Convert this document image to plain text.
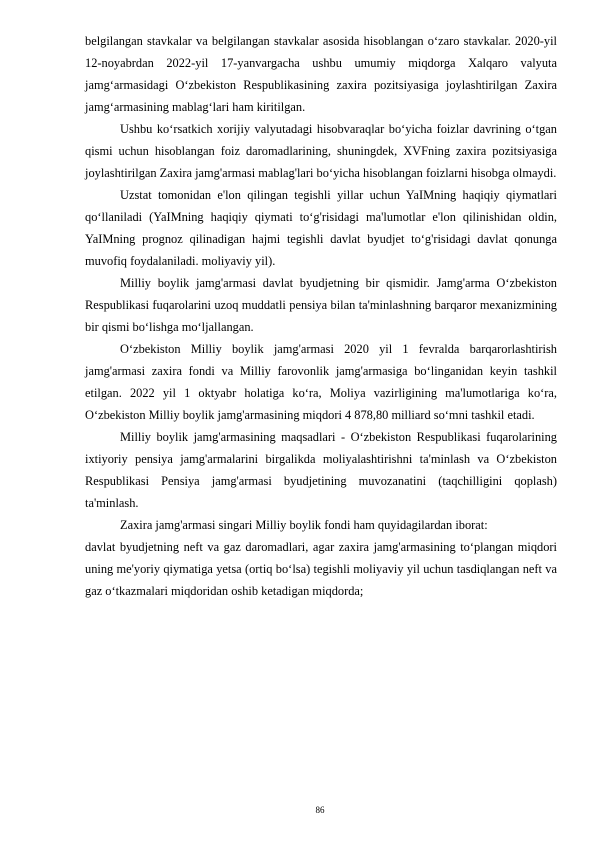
belgilangan stavkalar va belgilangan stavkalar asosida hisoblangan o‘zaro stavkalar. 2020-yil 12-noyabrdan 2022-yil 17-yanvargacha ushbu umumiy miqdorga Xalqaro valyuta jamg‘armasidagi O‘zbekiston Respublikasining zaxira pozitsiyasiga joylashtirilgan Zaxira jamg‘armasining mablag‘lari ham kiritilgan.

Ushbu ko‘rsatkich xorijiy valyutadagi hisobvaraqlar bo‘yicha foizlar davrining o‘tgan qismi uchun hisoblangan foiz daromadlarining, shuningdek, XVFning zaxira pozitsiyasiga joylashtirilgan Zaxira jamg'armasi mablag'lari bo‘yicha hisoblangan foizlarni hisobga olmaydi.

Uzstat tomonidan e'lon qilingan tegishli yillar uchun YaIMning haqiqiy qiymatlari qo‘llaniladi (YaIMning haqiqiy qiymati to‘g'risidagi ma'lumotlar e'lon qilinishidan oldin, YaIMning prognoz qilinadigan hajmi tegishli davlat byudjet to‘g'risidagi davlat qonunga muvofiq foydalaniladi. moliyaviy yil).

Milliy boylik jamg'armasi davlat byudjetning bir qismidir. Jamg'arma O‘zbekiston Respublikasi fuqarolarini uzoq muddatli pensiya bilan ta'minlashning barqaror mexanizmining bir qismi bo‘lishga mo‘ljallangan.

O‘zbekiston Milliy boylik jamg'armasi 2020 yil 1 fevralda barqarorlashtirish jamg'armasi zaxira fondi va Milliy farovonlik jamg'armasiga bo‘linganidan keyin tashkil etilgan. 2022 yil 1 oktyabr holatiga ko‘ra, Moliya vazirligining ma'lumotlariga ko‘ra, O‘zbekiston Milliy boylik jamg'armasining miqdori 4 878,80 milliard so‘mni tashkil etadi.

Milliy boylik jamg'armasining maqsadlari - O‘zbekiston Respublikasi fuqarolarining ixtiyoriy pensiya jamg'armalarini birgalikda moliyalashtirishni ta'minlash va O‘zbekiston Respublikasi Pensiya jamg'armasi byudjetining muvozanatini (taqchilligini qoplash) ta'minlash.

Zaxira jamg'armasi singari Milliy boylik fondi ham quyidagilardan iborat:

davlat byudjetning neft va gaz daromadlari, agar zaxira jamg'armasining to‘plangan miqdori uning me'yoriy qiymatiga yetsa (ortiq bo‘lsa) tegishli moliyaviy yil uchun tasdiqlangan neft va gaz o‘tkazmalari miqdoridan oshib ketadigan miqdorda;

86
